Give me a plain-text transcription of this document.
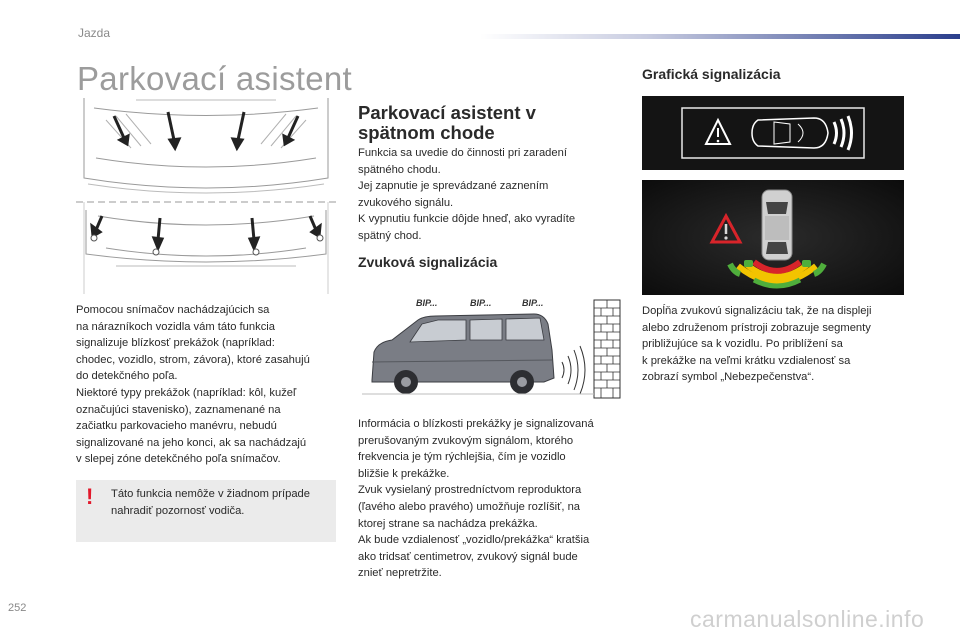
Jazda
Parkovací asistent
Pomocou snímačov nachádzajúcich sa
na nárazníkoch vozidla vám táto funkcia
signalizuje blízkosť prekážok (napríklad:
chodec, vozidlo, strom, závora), ktoré zasahujú
do detekčného poľa.
Niektoré typy prekážok (napríklad: kôl, kužeľ
označujúci stavenisko), zaznamenané na
začiatku parkovacieho manévru, nebudú
signalizované na jeho konci, ak sa nachádzajú
v slepej zóne detekčného poľa snímačov.
! Táto funkcia nemôže v žiadnom prípade
nahradiť pozornosť vodiča.
Parkovací asistent v
spätnom chode
Funkcia sa uvedie do činnosti pri zaradení
spätného chodu.
Jej zapnutie je sprevádzané zaznením
zvukového signálu.
K vypnutiu funkcie dôjde hneď, ako vyradíte
spätný chod.
Zvuková signalizácia
BIP...	BIP...	BIP...
Informácia o blízkosti prekážky je signalizovaná
prerušovaným zvukovým signálom, ktorého
frekvencia je tým rýchlejšia, čím je vozidlo
bližšie k prekážke.
Zvuk vysielaný prostredníctvom reproduktora
(ľavého alebo pravého) umožňuje rozlíšiť, na
ktorej strane sa nachádza prekážka.
Ak bude vzdialenosť „vozidlo/prekážka“ kratšia
ako tridsať centimetrov, zvukový signál bude
znieť nepretržite.
Grafická signalizácia
Dopĺňa zvukovú signalizáciu tak, že na displeji
alebo združenom prístroji zobrazuje segmenty
približujúce sa k vozidlu. Po priblížení sa
k prekážke na veľmi krátku vzdialenosť sa
zobrazí symbol „Nebezpečenstva“.
252	carmanualsonline.info
